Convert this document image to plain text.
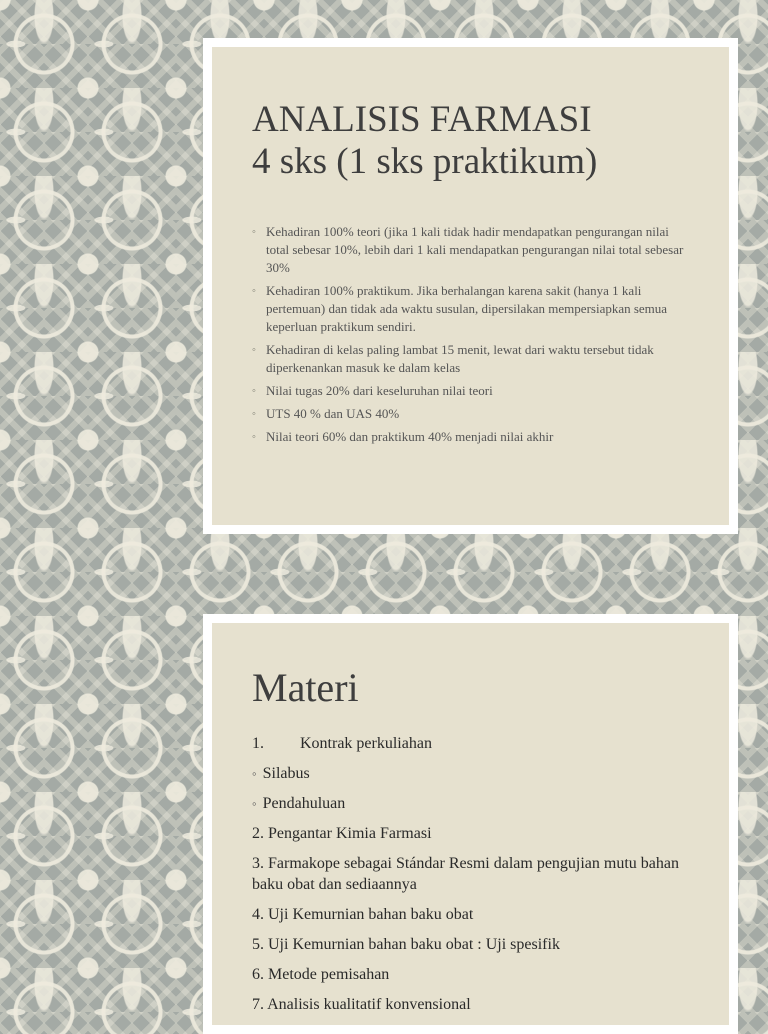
ANALISIS FARMASI
4 sks (1 sks praktikum)
◦ Kehadiran 100% teori (jika 1 kali tidak hadir mendapatkan pengurangan nilai total sebesar 10%, lebih dari 1 kali mendapatkan pengurangan nilai total sebesar 30%
◦ Kehadiran 100% praktikum. Jika berhalangan karena sakit (hanya 1 kali pertemuan) dan tidak ada waktu susulan, dipersilakan mempersiapkan semua keperluan praktikum sendiri.
◦ Kehadiran di kelas paling lambat 15 menit, lewat dari waktu tersebut tidak diperkenankan masuk ke dalam kelas
◦ Nilai tugas 20% dari keseluruhan nilai teori
◦ UTS 40 % dan UAS 40%
◦ Nilai teori 60% dan praktikum 40% menjadi nilai akhir
Materi
1. Kontrak perkuliahan
◦ Silabus
◦ Pendahuluan
2. Pengantar Kimia Farmasi
3. Farmakope sebagai Stándar Resmi dalam pengujian mutu bahan baku obat dan sediaannya
4. Uji Kemurnian bahan baku obat
5. Uji Kemurnian bahan baku obat : Uji spesifik
6. Metode pemisahan
7. Analisis kualitatif konvensional
